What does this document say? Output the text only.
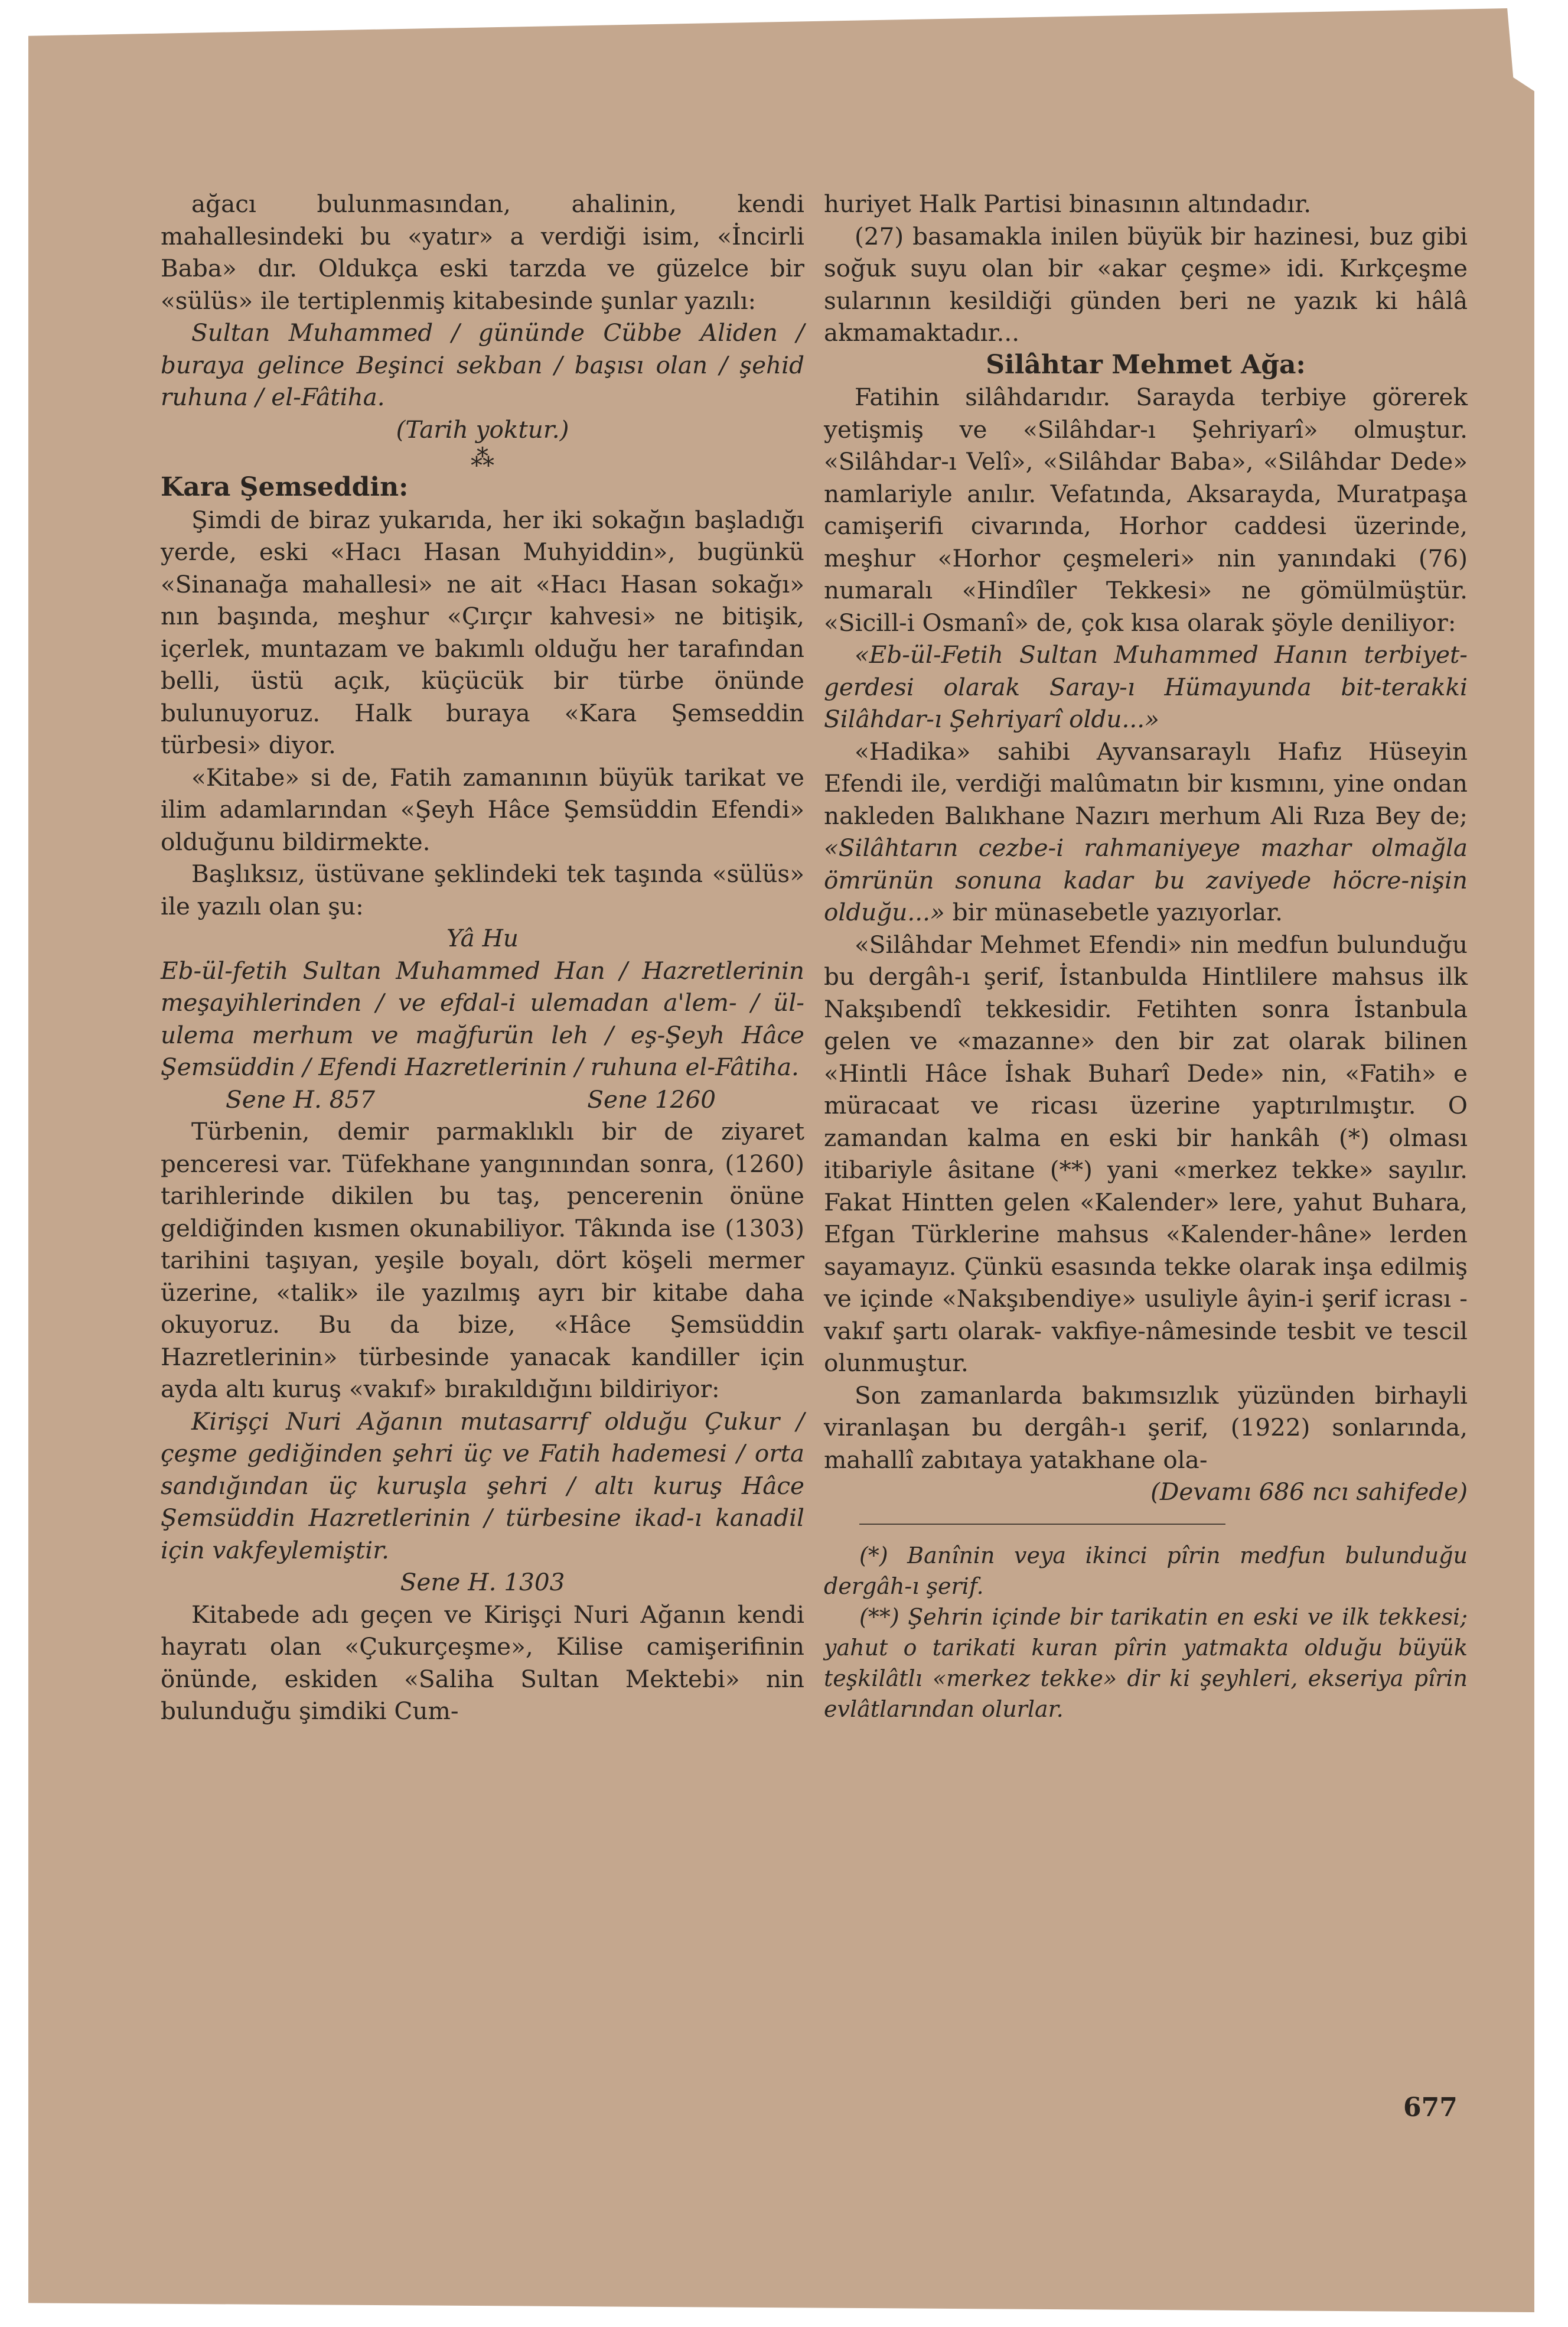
ağacı bulunmasından, ahalinin, kendi mahallesindeki bu «yatır» a verdiği isim, «İncirli Baba» dır. Oldukça eski tarzda ve güzelce bir «sülüs» ile tertiplenmiş kitabesinde şunlar yazılı:

Sultan Muhammed / gününde Cübbe Aliden / buraya gelince Beşinci sekban / başısı olan / şehid ruhuna / el-Fâtiha.

(Tarih yoktur.)

⁂

Kara Şemseddin:

Şimdi de biraz yukarıda, her iki sokağın başladığı yerde, eski «Hacı Hasan Muhyiddin», bugünkü «Sinanağa mahallesi» ne ait «Hacı Hasan sokağı» nın başında, meşhur «Çırçır kahvesi» ne bitişik, içerlek, muntazam ve bakımlı olduğu her tarafından belli, üstü açık, küçücük bir türbe önünde bulunuyoruz. Halk buraya «Kara Şemseddin türbesi» diyor.

«Kitabe» si de, Fatih zamanının büyük tarikat ve ilim adamlarından «Şeyh Hâce Şemsüddin Efendi» olduğunu bildirmekte.

Başlıksız, üstüvane şeklindeki tek taşında «sülüs» ile yazılı olan şu:

Yâ Hu

Eb-ül-fetih Sultan Muhammed Han / Hazretlerinin meşayihlerinden / ve efdal-i ulemadan a'lem- / ül-ulema merhum ve mağfurün leh / eş-Şeyh Hâce Şemsüddin / Efendi Hazretlerinin / ruhuna el-Fâtiha.

Sene H. 857	Sene 1260

Türbenin, demir parmaklıklı bir de ziyaret penceresi var. Tüfekhane yangınından sonra, (1260) tarihlerinde dikilen bu taş, pencerenin önüne geldiğinden kısmen okunabiliyor. Tâkında ise (1303) tarihini taşıyan, yeşile boyalı, dört köşeli mermer üzerine, «talik» ile yazılmış ayrı bir kitabe daha okuyoruz. Bu da bize, «Hâce Şemsüddin Hazretlerinin» türbesinde yanacak kandiller için ayda altı kuruş «vakıf» bırakıldığını bildiriyor:

Kirişçi Nuri Ağanın mutasarrıf olduğu Çukur / çeşme gediğinden şehri üç ve Fatih hademesi / orta sandığından üç kuruşla şehri / altı kuruş Hâce Şemsüddin Hazretlerinin / türbesine ikad-ı kanadil için vakfeylemiştir.

Sene H. 1303

Kitabede adı geçen ve Kirişçi Nuri Ağanın kendi hayratı olan «Çukurçeşme», Kilise camişerifinin önünde, eskiden «Saliha Sultan Mektebi» nin bulunduğu şimdiki Cum-

huriyet Halk Partisi binasının altındadır.

(27) basamakla inilen büyük bir hazinesi, buz gibi soğuk suyu olan bir «akar çeşme» idi. Kırkçeşme sularının kesildiği günden beri ne yazık ki hâlâ akmamaktadır...

Silâhtar Mehmet Ağa:

Fatihin silâhdarıdır. Sarayda terbiye görerek yetişmiş ve «Silâhdar-ı Şehriyarî» olmuştur. «Silâhdar-ı Velî», «Silâhdar Baba», «Silâhdar Dede» namlariyle anılır. Vefatında, Aksarayda, Muratpaşa camişerifi civarında, Horhor caddesi üzerinde, meşhur «Horhor çeşmeleri» nin yanındaki (76) numaralı «Hindîler Tekkesi» ne gömülmüştür. «Sicill-i Osmanî» de, çok kısa olarak şöyle deniliyor:

«Eb-ül-Fetih Sultan Muhammed Hanın terbiyet-gerdesi olarak Saray-ı Hümayunda bit-terakki Silâhdar-ı Şehriyarî oldu...»

«Hadika» sahibi Ayvansaraylı Hafız Hüseyin Efendi ile, verdiği malûmatın bir kısmını, yine ondan nakleden Balıkhane Nazırı merhum Ali Rıza Bey de; «Silâhtarın cezbe-i rahmaniyeye mazhar olmağla ömrünün sonuna kadar bu zaviyede höcre-nişin olduğu...» bir münasebetle yazıyorlar.

«Silâhdar Mehmet Efendi» nin medfun bulunduğu bu dergâh-ı şerif, İstanbulda Hintlilere mahsus ilk Nakşıbendî tekkesidir. Fetihten sonra İstanbula gelen ve «mazanne» den bir zat olarak bilinen «Hintli Hâce İshak Buharî Dede» nin, «Fatih» e müracaat ve ricası üzerine yaptırılmıştır. O zamandan kalma en eski bir hankâh (*) olması itibariyle âsitane (**) yani «merkez tekke» sayılır. Fakat Hintten gelen «Kalender» lere, yahut Buhara, Efgan Türklerine mahsus «Kalender-hâne» lerden sayamayız. Çünkü esasında tekke olarak inşa edilmiş ve içinde «Nakşıbendiye» usuliyle âyin-i şerif icrası -vakıf şartı olarak- vakfiye-nâmesinde tesbit ve tescil olunmuştur.

Son zamanlarda bakımsızlık yüzünden birhayli viranlaşan bu dergâh-ı şerif, (1922) sonlarında, mahallî zabıtaya yatakhane ola-

(Devamı 686 ncı sahifede)

(*) Banînin veya ikinci pîrin medfun bulunduğu dergâh-ı şerif.

(**) Şehrin içinde bir tarikatin en eski ve ilk tekkesi; yahut o tarikati kuran pîrin yatmakta olduğu büyük teşkilâtlı «merkez tekke» dir ki şeyhleri, ekseriya pîrin evlâtlarından olurlar.

677
